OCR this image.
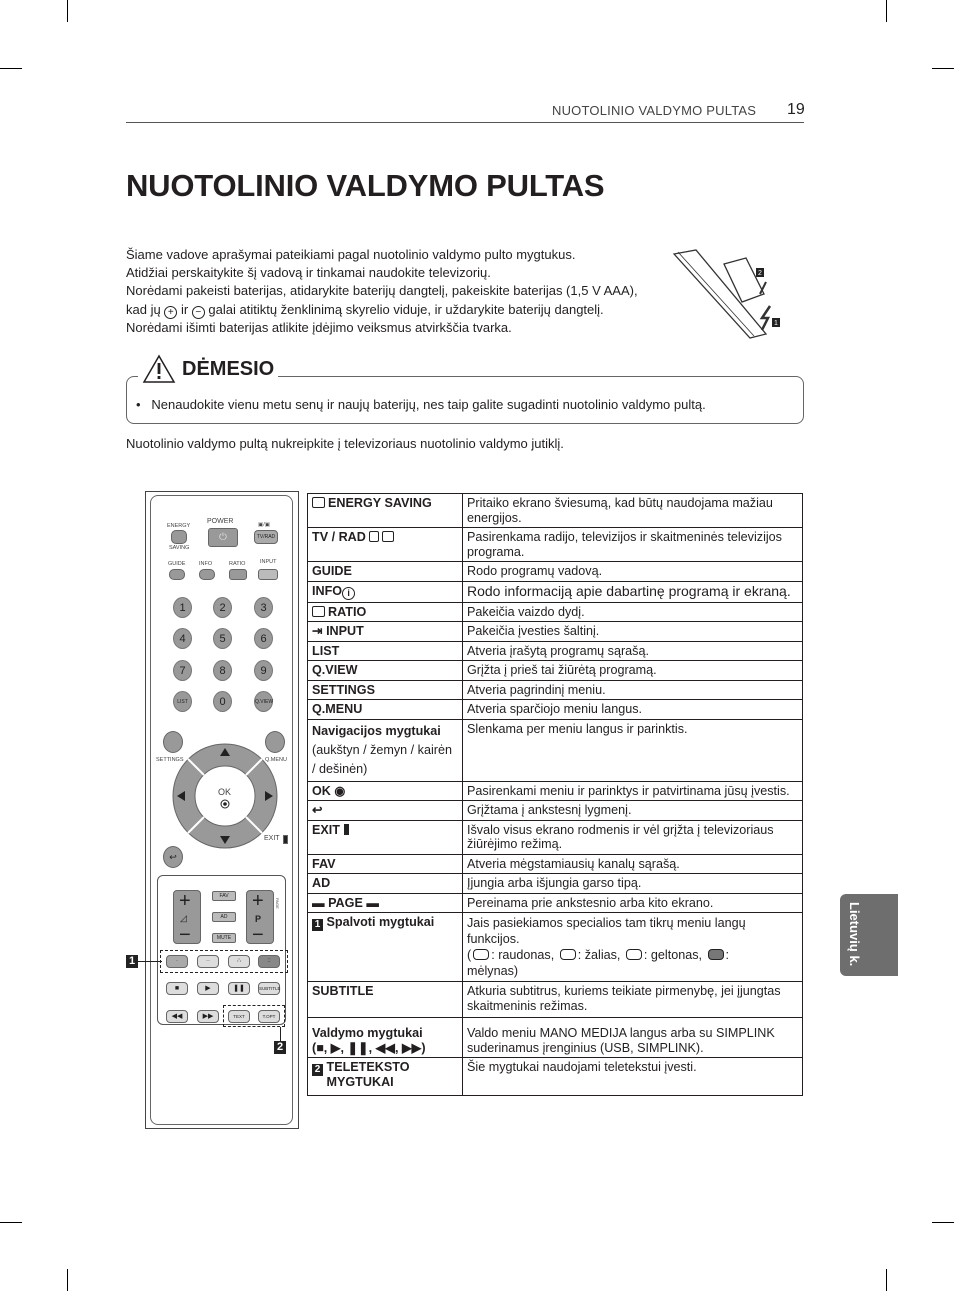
NUOTOLINIO VALDYMO PULTAS 19
NUOTOLINIO VALDYMO PULTAS

Šiame vadove aprašymai pateikiami pagal nuotolinio valdymo pulto mygtukus.

Atidžiai perskaitykite šį vadovą ir tinkamai naudokite televizorių.

Norėdami pakeisti baterijas, atidarykite baterijų dangtelį, pakeiskite baterijas (1,5 V AAA),

kad jų + ir − galai atitiktų ženklinimą skyrelio viduje, ir uždarykite baterijų dangtelį.

Norėdami išimti baterijas atlikite įdėjimo veiksmus atvirkščia tvarka.

2
1
DĖMESIO
•   Nenaudokite vienu metu senų ir naujų baterijų, nes taip galite sugadinti nuotolinio valdymo pultą.
Nuotolinio valdymo pultą nukreipkite į televizoriaus nuotolinio valdymo jutiklį.
ENERGY
SAVING
POWER
⏻
▣/▣
TV/RAD
GUIDE INFO	RATIO	INPUT
1	2	3
4	5	6
7	8	9
LIST	0	Q.VIEW
SETTINGS	Q.MENU
OK
EXIT
↩
+
◿
−
FAV
AD
MUTE
+
P
−
PAGE
·	··	∴	::
■	▶	❚❚	SUBTITLE
◀◀	▶▶	TEXT	T.OPT
1
2
ENERGY SAVING	Pritaiko ekrano šviesumą, kad būtų naudojama mažiau energijos.
TV / RAD	Pasirenkama radijo, televizijos ir skaitmeninės televizijos programa.
GUIDE	Rodo programų vadovą.
INFO i	Rodo informaciją apie dabartinę programą ir ekraną.
RATIO	Pakeičia vaizdo dydį.
⇥ INPUT	Pakeičia įvesties šaltinį.
LIST	Atveria įrašytą programų sąrašą.
Q.VIEW	Grįžta į prieš tai žiūrėtą programą.
SETTINGS	Atveria pagrindinį meniu.
Q.MENU	Atveria sparčiojo meniu langus.
Navigacijos mygtukai
(aukštyn / žemyn / kairėn / dešinėn)	Slenkama per meniu langus ir parinktis.
OK ◉	Pasirenkami meniu ir parinktys ir patvirtinama jūsų įvestis.
↩	Grįžtama į ankstesnį lygmenį.
EXIT	Išvalo visus ekrano rodmenis ir vėl grįžta į televizoriaus žiūrėjimo režimą.
FAV	Atveria mėgstamiausių kanalų sąrašą.
AD	Įjungia arba išjungia garso tipą.
▬ PAGE ▬	Pereinama prie ankstesnio arba kito ekrano.
1 Spalvoti mygtukai	Jais pasiekiamos specialios tam tikrų meniu langų funkcijos.
( : raudonas, : žalias, : geltonas, :
mėlynas)
SUBTITLE	Atkuria subtitrus, kuriems teikiate pirmenybę, jei įjungtas skaitmeninis režimas.
Valdymo mygtukai
(■, ▶, ❚❚, ◀◀, ▶▶)	Valdo meniu MANO MEDIJA langus arba su SIMPLINK suderinamus įrenginius (USB, SIMPLINK).
2 TELETEKSTO MYGTUKAI	Šie mygtukai naudojami teletekstui įvesti.
Lietuvių k.
